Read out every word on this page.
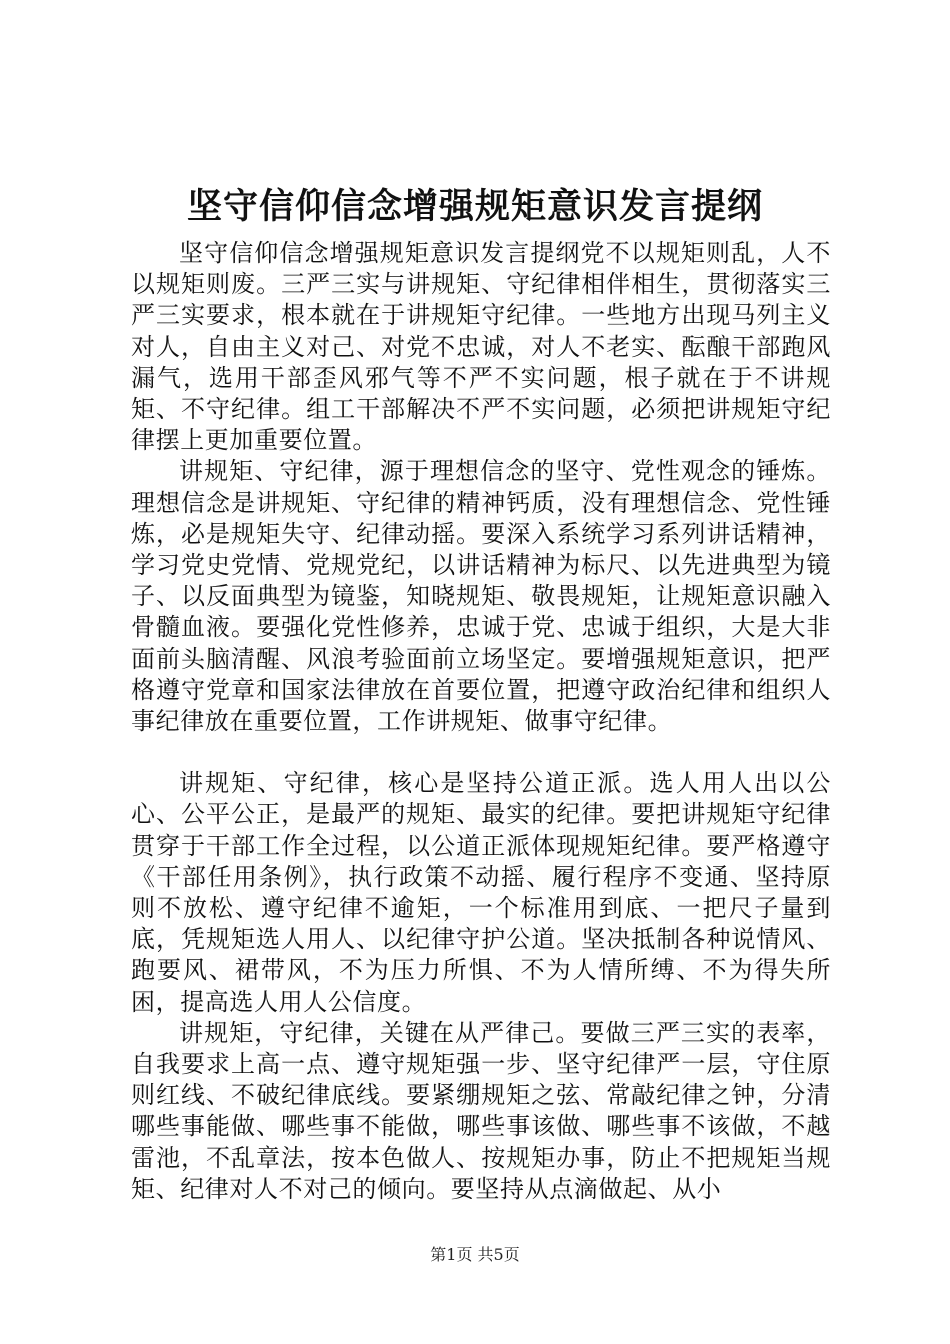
坚守信仰信念增强规矩意识发言提纲

坚守信仰信念增强规矩意识发言提纲党不以规矩则乱，人不以规矩则废。三严三实与讲规矩、守纪律相伴相生，贯彻落实三严三实要求，根本就在于讲规矩守纪律。一些地方出现马列主义对人，自由主义对己、对党不忠诚，对人不老实、酝酿干部跑风漏气，选用干部歪风邪气等不严不实问题，根子就在于不讲规矩、不守纪律。组工干部解决不严不实问题，必须把讲规矩守纪律摆上更加重要位置。

讲规矩、守纪律，源于理想信念的坚守、党性观念的锤炼。理想信念是讲规矩、守纪律的精神钙质，没有理想信念、党性锤炼，必是规矩失守、纪律动摇。要深入系统学习系列讲话精神，学习党史党情、党规党纪，以讲话精神为标尺、以先进典型为镜子、以反面典型为镜鉴，知晓规矩、敬畏规矩，让规矩意识融入骨髓血液。要强化党性修养，忠诚于党、忠诚于组织，大是大非面前头脑清醒、风浪考验面前立场坚定。要增强规矩意识，把严格遵守党章和国家法律放在首要位置，把遵守政治纪律和组织人事纪律放在重要位置，工作讲规矩、做事守纪律。

讲规矩、守纪律，核心是坚持公道正派。选人用人出以公心、公平公正，是最严的规矩、最实的纪律。要把讲规矩守纪律贯穿于干部工作全过程，以公道正派体现规矩纪律。要严格遵守《干部任用条例》，执行政策不动摇、履行程序不变通、坚持原则不放松、遵守纪律不逾矩，一个标准用到底、一把尺子量到底，凭规矩选人用人、以纪律守护公道。坚决抵制各种说情风、跑要风、裙带风，不为压力所惧、不为人情所缚、不为得失所困，提高选人用人公信度。

讲规矩，守纪律，关键在从严律己。要做三严三实的表率，自我要求上高一点、遵守规矩强一步、坚守纪律严一层，守住原则红线、不破纪律底线。要紧绷规矩之弦、常敲纪律之钟，分清哪些事能做、哪些事不能做，哪些事该做、哪些事不该做，不越雷池，不乱章法，按本色做人、按规矩办事，防止不把规矩当规矩、纪律对人不对己的倾向。要坚持从点滴做起、从小

第1页 共5页
